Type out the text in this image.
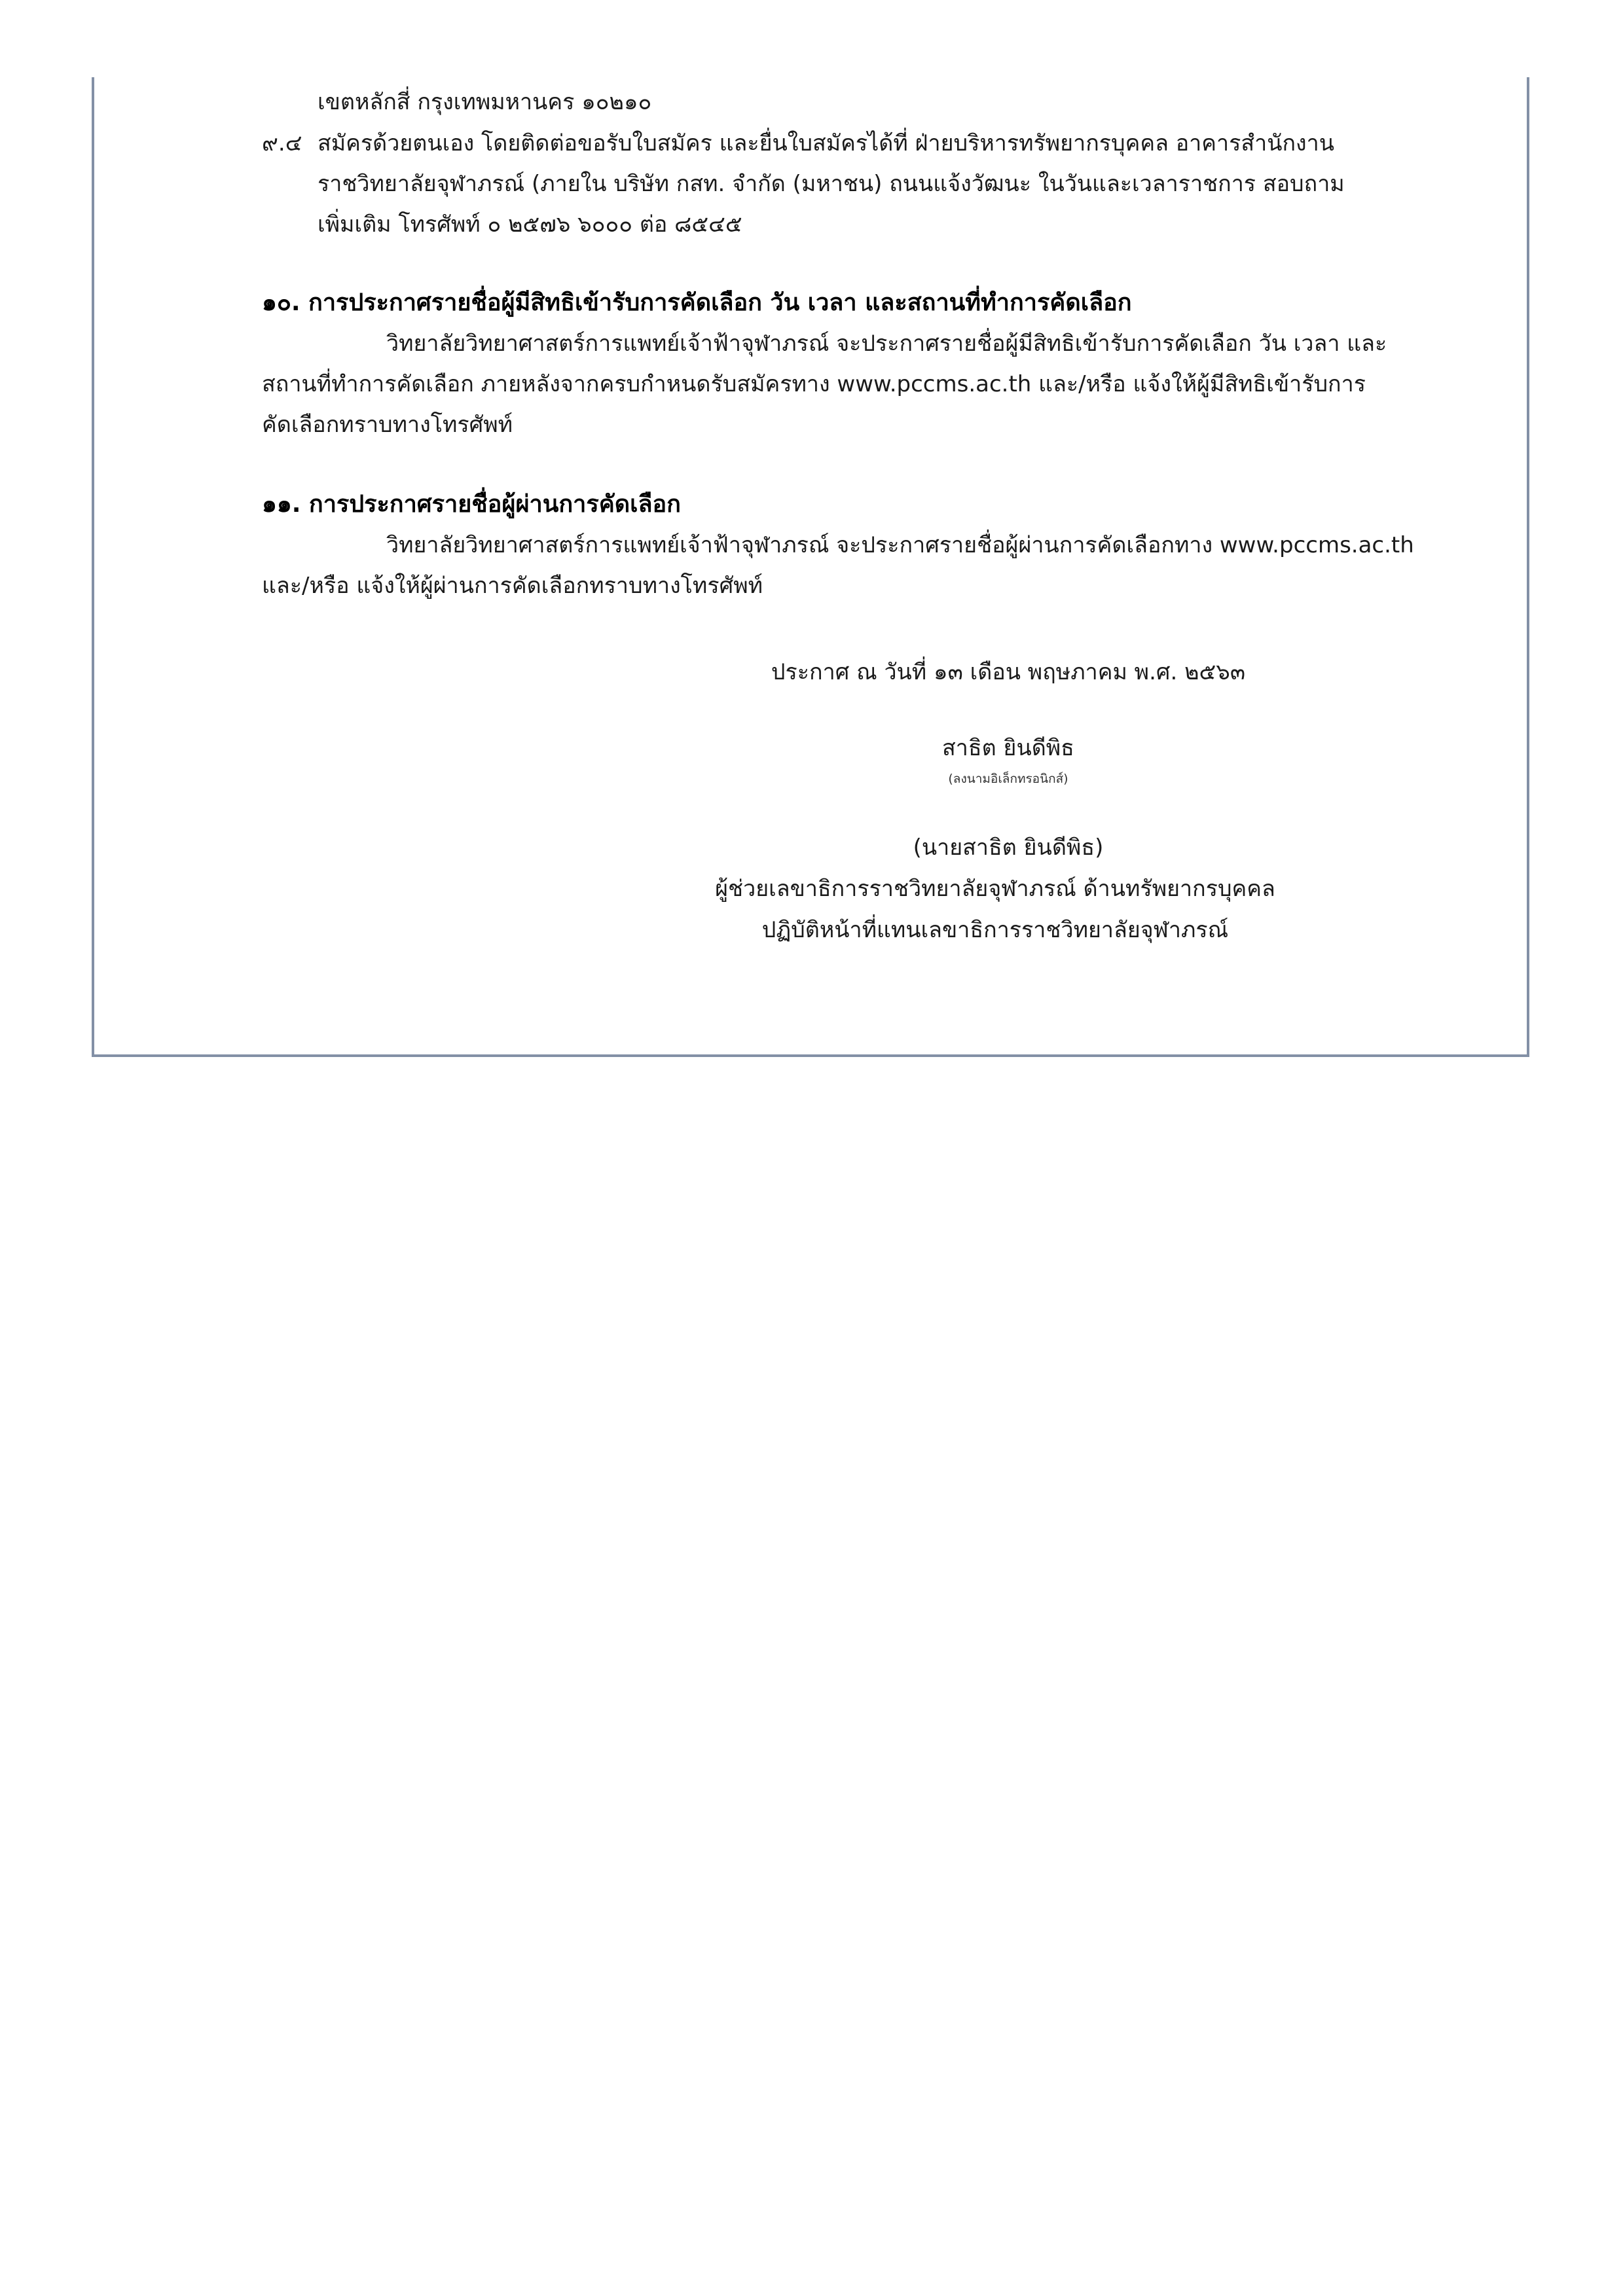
เขตหลักสี่ กรุงเทพมหานคร ๑๐๒๑๐
๙.๔ สมัครด้วยตนเอง โดยติดต่อขอรับใบสมัคร และยื่นใบสมัครได้ที่ ฝ่ายบริหารทรัพยากรบุคคล อาคารสำนักงาน
ราชวิทยาลัยจุฬาภรณ์ (ภายใน บริษัท กสท. จำกัด (มหาชน) ถนนแจ้งวัฒนะ ในวันและเวลาราชการ สอบถาม
เพิ่มเติม โทรศัพท์ ๐ ๒๕๗๖ ๖๐๐๐ ต่อ ๘๕๔๕
๑๐. การประกาศรายชื่อผู้มีสิทธิเข้ารับการคัดเลือก วัน เวลา และสถานที่ทำการคัดเลือก
วิทยาลัยวิทยาศาสตร์การแพทย์เจ้าฟ้าจุฬาภรณ์ จะประกาศรายชื่อผู้มีสิทธิเข้ารับการคัดเลือก วัน เวลา และ
สถานที่ทำการคัดเลือก ภายหลังจากครบกำหนดรับสมัครทาง www.pccms.ac.th และ/หรือ แจ้งให้ผู้มีสิทธิเข้ารับการ
คัดเลือกทราบทางโทรศัพท์
๑๑. การประกาศรายชื่อผู้ผ่านการคัดเลือก
วิทยาลัยวิทยาศาสตร์การแพทย์เจ้าฟ้าจุฬาภรณ์ จะประกาศรายชื่อผู้ผ่านการคัดเลือกทาง www.pccms.ac.th
และ/หรือ แจ้งให้ผู้ผ่านการคัดเลือกทราบทางโทรศัพท์
ประกาศ ณ วันที่ ๑๓ เดือน พฤษภาคม พ.ศ. ๒๕๖๓
สาธิต ยินดีพิธ
(ลงนามอิเล็กทรอนิกส์)
(นายสาธิต ยินดีพิธ)
ผู้ช่วยเลขาธิการราชวิทยาลัยจุฬาภรณ์ ด้านทรัพยากรบุคคล
ปฏิบัติหน้าที่แทนเลขาธิการราชวิทยาลัยจุฬาภรณ์
